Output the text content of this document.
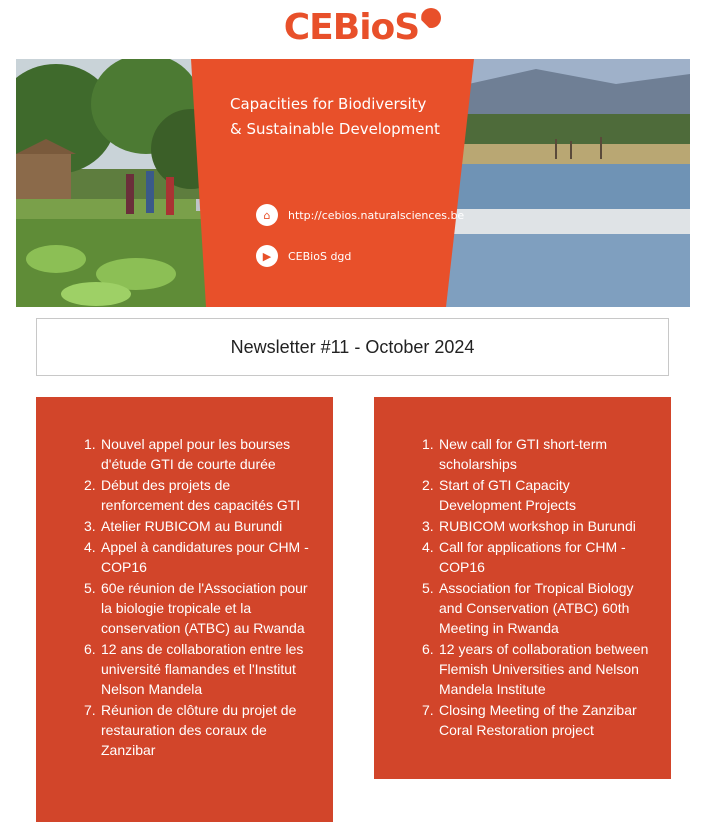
CEBioS
Capacities for Biodiversity
& Sustainable Development
⌂	http://cebios.naturalsciences.be
▶	CEBioS dgd
Newsletter #11 - October 2024
Nouvel appel pour les bourses d'étude GTI de courte durée
Début des projets de renforcement des capacités GTI
Atelier RUBICOM au Burundi
Appel à candidatures pour CHM - COP16
60e réunion de l'Association pour la biologie tropicale et la conservation (ATBC) au Rwanda
12 ans de collaboration entre les université flamandes et l'Institut Nelson Mandela
Réunion de clôture du projet de restauration des coraux de Zanzibar
New call for GTI short-term scholarships
Start of GTI Capacity Development Projects
RUBICOM workshop in Burundi
Call for applications for CHM - COP16
Association for Tropical Biology and Conservation (ATBC) 60th Meeting in Rwanda
12 years of collaboration between Flemish Universities and Nelson Mandela Institute
Closing Meeting of the Zanzibar Coral Restoration project
